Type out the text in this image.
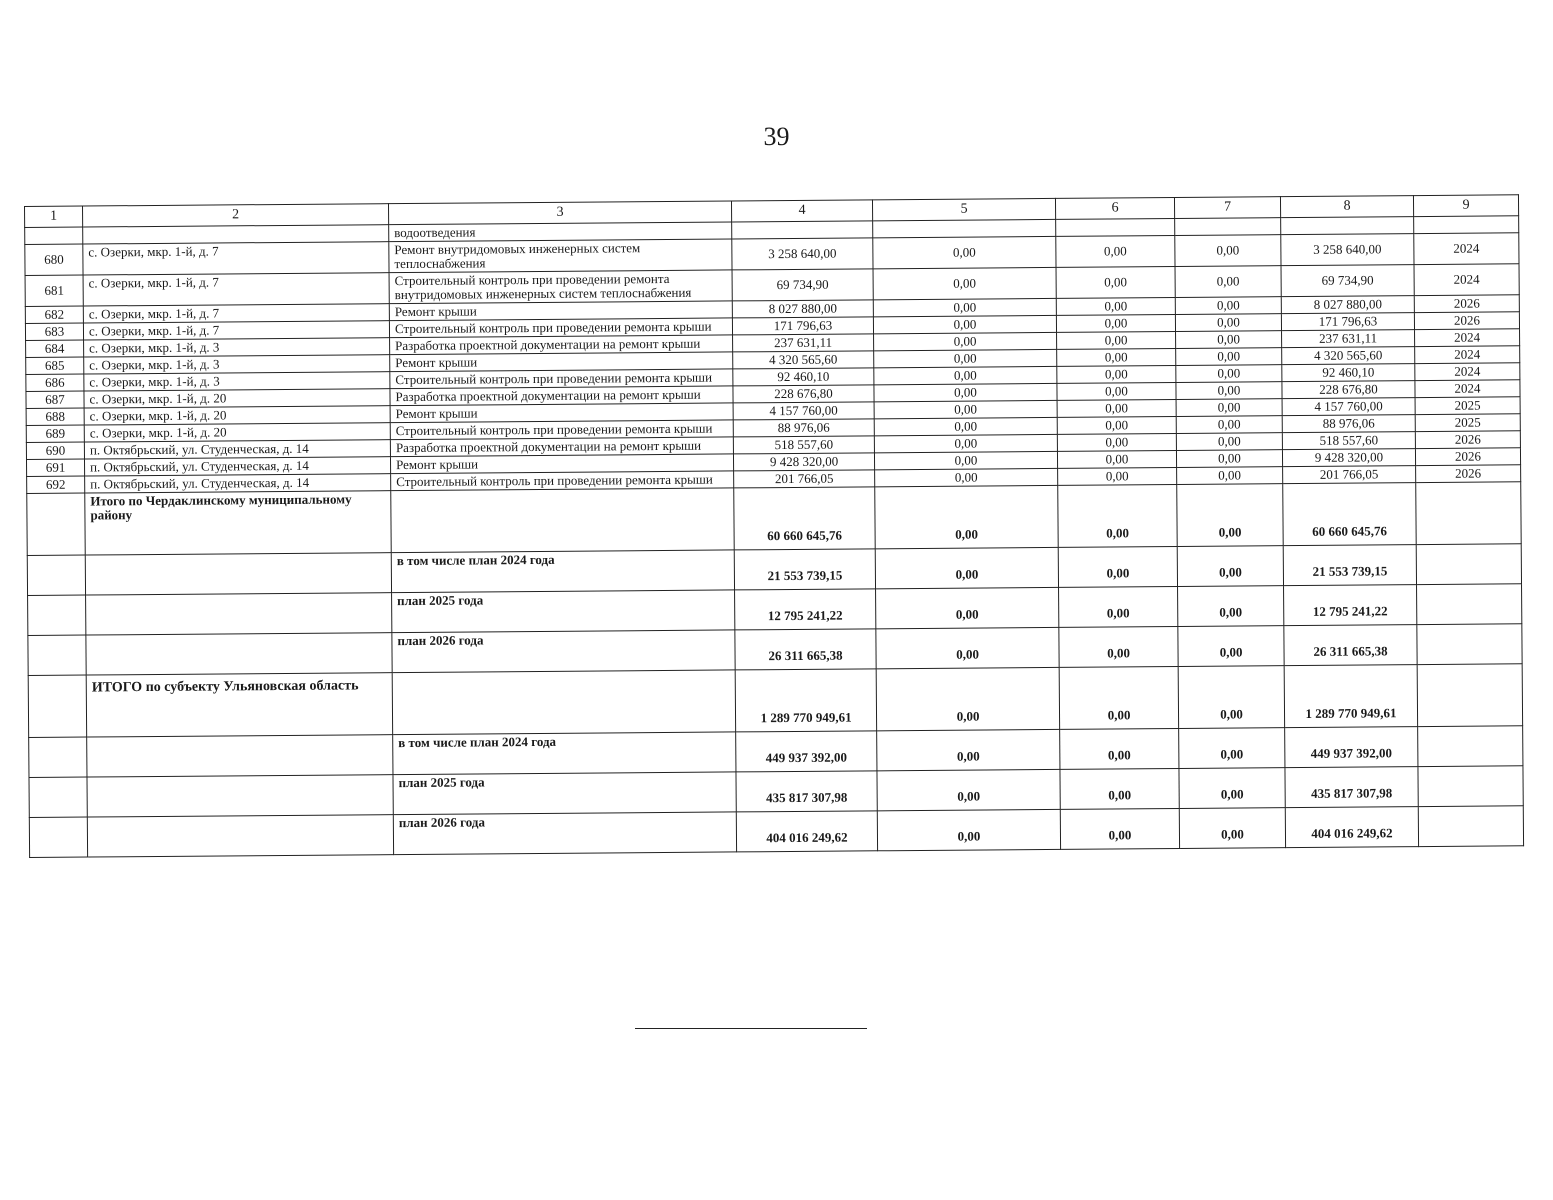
39
1	2	3	4	5	6	7	8	9
		водоотведения						
680	с. Озерки, мкр. 1-й, д. 7	Ремонт внутридомовых инженерных систем теплоснабжения	3 258 640,00	0,00	0,00	0,00	3 258 640,00	2024
681	с. Озерки, мкр. 1-й, д. 7	Строительный контроль при проведении ремонта внутридомовых инженерных систем теплоснабжения	69 734,90	0,00	0,00	0,00	69 734,90	2024
682	с. Озерки, мкр. 1-й, д. 7	Ремонт крыши	8 027 880,00	0,00	0,00	0,00	8 027 880,00	2026
683	с. Озерки, мкр. 1-й, д. 7	Строительный контроль при проведении ремонта крыши	171 796,63	0,00	0,00	0,00	171 796,63	2026
684	с. Озерки, мкр. 1-й, д. 3	Разработка проектной документации на ремонт крыши	237 631,11	0,00	0,00	0,00	237 631,11	2024
685	с. Озерки, мкр. 1-й, д. 3	Ремонт крыши	4 320 565,60	0,00	0,00	0,00	4 320 565,60	2024
686	с. Озерки, мкр. 1-й, д. 3	Строительный контроль при проведении ремонта крыши	92 460,10	0,00	0,00	0,00	92 460,10	2024
687	с. Озерки, мкр. 1-й, д. 20	Разработка проектной документации на ремонт крыши	228 676,80	0,00	0,00	0,00	228 676,80	2024
688	с. Озерки, мкр. 1-й, д. 20	Ремонт крыши	4 157 760,00	0,00	0,00	0,00	4 157 760,00	2025
689	с. Озерки, мкр. 1-й, д. 20	Строительный контроль при проведении ремонта крыши	88 976,06	0,00	0,00	0,00	88 976,06	2025
690	п. Октябрьский, ул. Студенческая, д. 14	Разработка проектной документации на ремонт крыши	518 557,60	0,00	0,00	0,00	518 557,60	2026
691	п. Октябрьский, ул. Студенческая, д. 14	Ремонт крыши	9 428 320,00	0,00	0,00	0,00	9 428 320,00	2026
692	п. Октябрьский, ул. Студенческая, д. 14	Строительный контроль при проведении ремонта крыши	201 766,05	0,00	0,00	0,00	201 766,05	2026
	Итого по Чердаклинскому муниципальному району		60 660 645,76	0,00	0,00	0,00	60 660 645,76	
		в том числе план 2024 года	21 553 739,15	0,00	0,00	0,00	21 553 739,15	
		план 2025 года	12 795 241,22	0,00	0,00	0,00	12 795 241,22	
		план 2026 года	26 311 665,38	0,00	0,00	0,00	26 311 665,38	
	ИТОГО по субъекту Ульяновская область		1 289 770 949,61	0,00	0,00	0,00	1 289 770 949,61	
		в том числе план 2024 года	449 937 392,00	0,00	0,00	0,00	449 937 392,00	
		план 2025 года	435 817 307,98	0,00	0,00	0,00	435 817 307,98	
		план 2026 года	404 016 249,62	0,00	0,00	0,00	404 016 249,62	
